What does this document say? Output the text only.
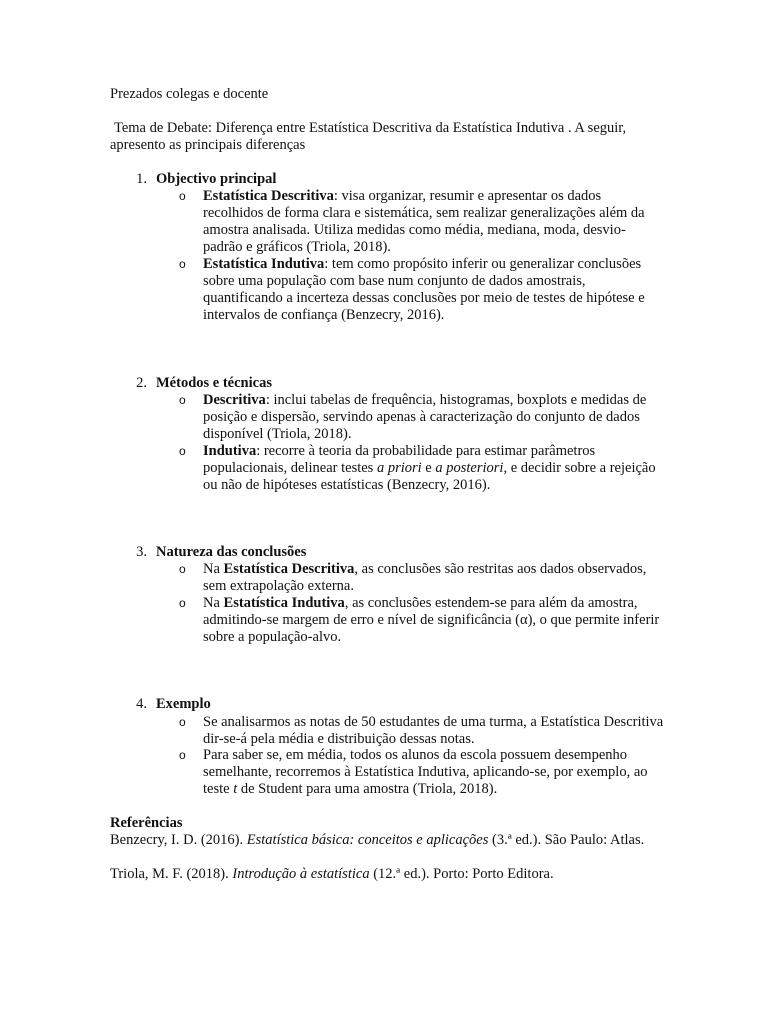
Prezados colegas e docente
Tema de Debate: Diferença entre Estatística Descritiva da Estatística Indutiva . A seguir, apresento as principais diferenças
1. Objectivo principal
o Estatística Descritiva: visa organizar, resumir e apresentar os dados recolhidos de forma clara e sistemática, sem realizar generalizações além da amostra analisada. Utiliza medidas como média, mediana, moda, desvio-padrão e gráficos (Triola, 2018).
o Estatística Indutiva: tem como propósito inferir ou generalizar conclusões sobre uma população com base num conjunto de dados amostrais, quantificando a incerteza dessas conclusões por meio de testes de hipótese e intervalos de confiança (Benzecry, 2016).
2. Métodos e técnicas
o Descritiva: inclui tabelas de frequência, histogramas, boxplots e medidas de posição e dispersão, servindo apenas à caracterização do conjunto de dados disponível (Triola, 2018).
o Indutiva: recorre à teoria da probabilidade para estimar parâmetros populacionais, delinear testes a priori e a posteriori, e decidir sobre a rejeição ou não de hipóteses estatísticas (Benzecry, 2016).
3. Natureza das conclusões
o Na Estatística Descritiva, as conclusões são restritas aos dados observados, sem extrapolação externa.
o Na Estatística Indutiva, as conclusões estendem-se para além da amostra, admitindo-se margem de erro e nível de significância (α), o que permite inferir sobre a população-alvo.
4. Exemplo
o Se analisarmos as notas de 50 estudantes de uma turma, a Estatística Descritiva dir-se-á pela média e distribuição dessas notas.
o Para saber se, em média, todos os alunos da escola possuem desempenho semelhante, recorremos à Estatística Indutiva, aplicando-se, por exemplo, ao teste t de Student para uma amostra (Triola, 2018).
Referências
Benzecry, I. D. (2016). Estatística básica: conceitos e aplicações (3.ª ed.). São Paulo: Atlas.
Triola, M. F. (2018). Introdução à estatística (12.ª ed.). Porto: Porto Editora.
